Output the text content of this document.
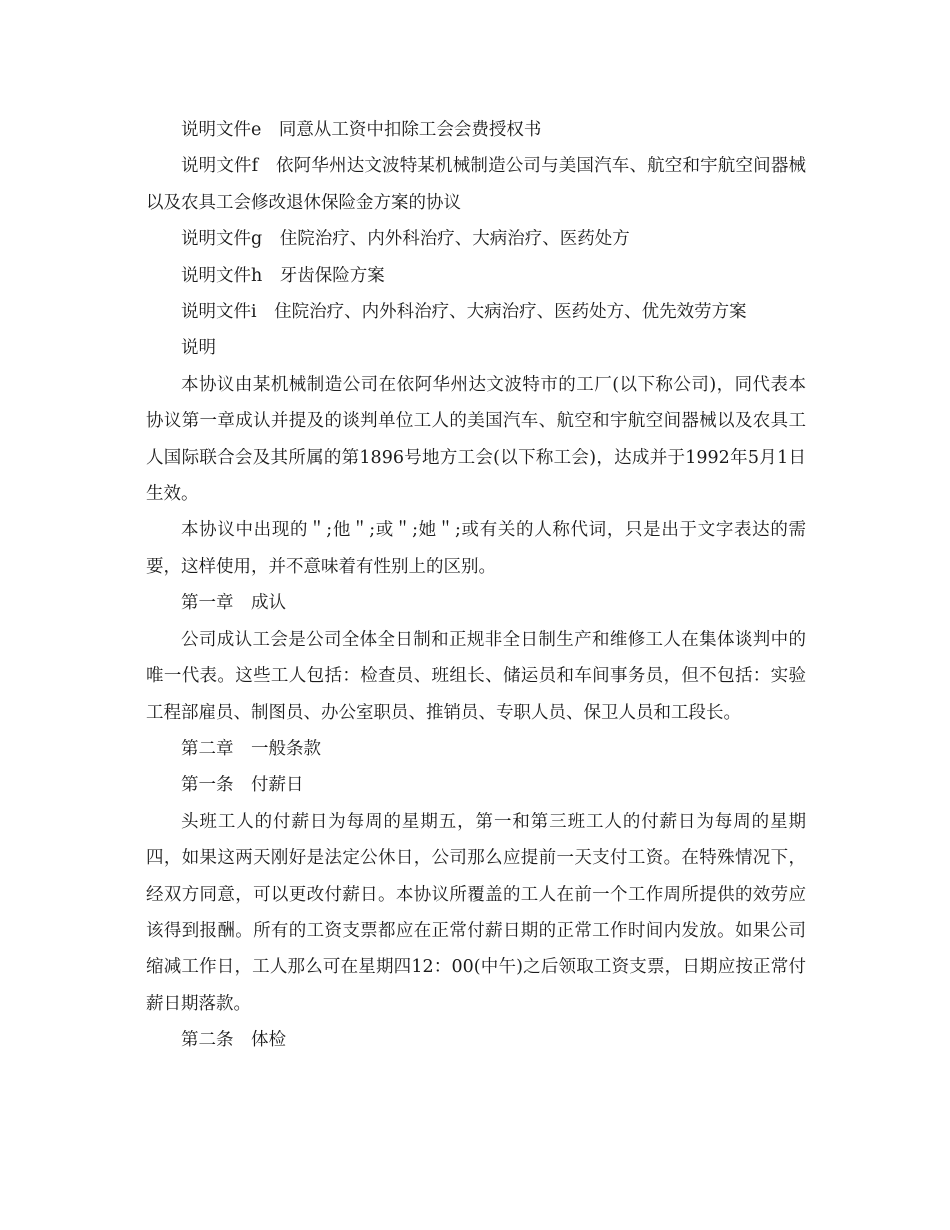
说明文件e　同意从工资中扣除工会会费授权书

说明文件f　依阿华州达文波特某机械制造公司与美国汽车、航空和宇航空间器械以及农具工会修改退休保险金方案的协议

说明文件g　住院治疗、内外科治疗、大病治疗、医药处方

说明文件h　牙齿保险方案

说明文件i　住院治疗、内外科治疗、大病治疗、医药处方、优先效劳方案

说明

本协议由某机械制造公司在依阿华州达文波特市的工厂(以下称公司)，同代表本协议第一章成认并提及的谈判单位工人的美国汽车、航空和宇航空间器械以及农具工人国际联合会及其所属的第1896号地方工会(以下称工会)，达成并于1992年5月1日生效。

本协议中出现的＂;他＂;或＂;她＂;或有关的人称代词，只是出于文字表达的需要，这样使用，并不意味着有性别上的区别。

第一章　成认

公司成认工会是公司全体全日制和正规非全日制生产和维修工人在集体谈判中的唯一代表。这些工人包括：检查员、班组长、储运员和车间事务员，但不包括：实验工程部雇员、制图员、办公室职员、推销员、专职人员、保卫人员和工段长。

第二章　一般条款

第一条　付薪日

头班工人的付薪日为每周的星期五，第一和第三班工人的付薪日为每周的星期四，如果这两天刚好是法定公休日，公司那么应提前一天支付工资。在特殊情况下，经双方同意，可以更改付薪日。本协议所覆盖的工人在前一个工作周所提供的效劳应该得到报酬。所有的工资支票都应在正常付薪日期的正常工作时间内发放。如果公司缩减工作日，工人那么可在星期四12：00(中午)之后领取工资支票，日期应按正常付薪日期落款。

第二条　体检
